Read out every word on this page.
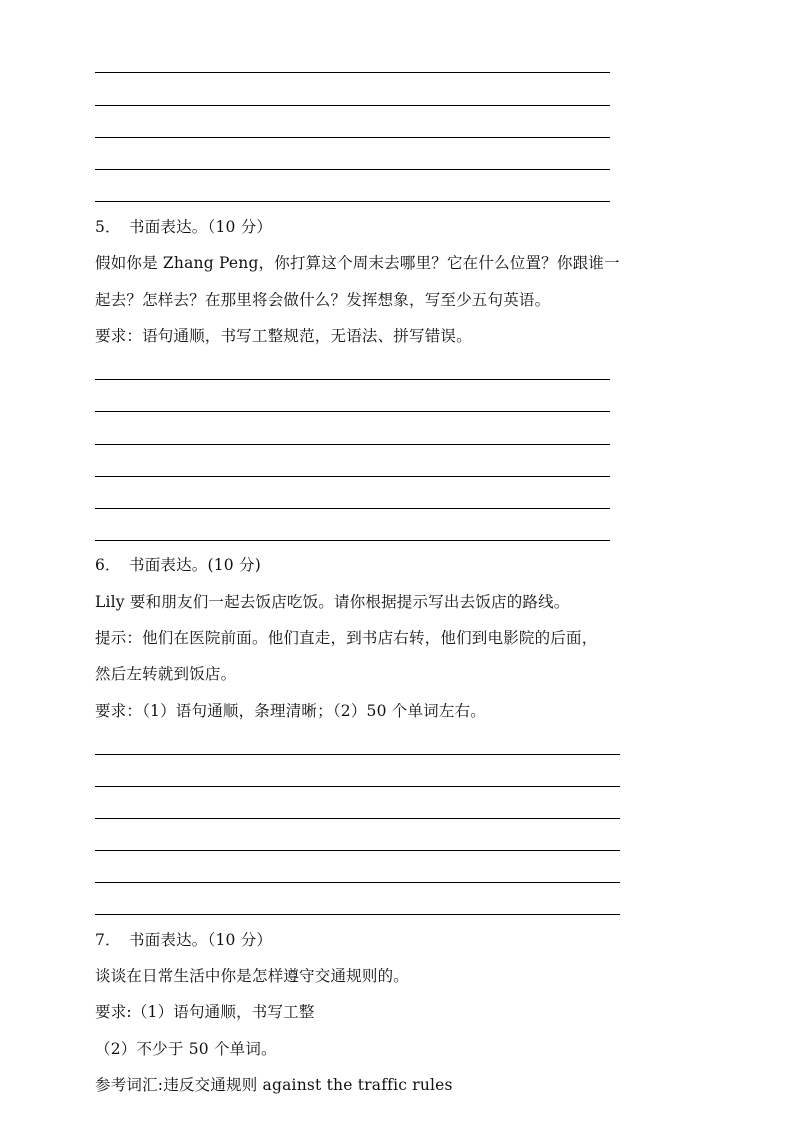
5． 书面表达。（10 分）
假如你是 Zhang Peng，你打算这个周末去哪里？它在什么位置？你跟谁一
起去？怎样去？在那里将会做什么？发挥想象，写至少五句英语。
要求：语句通顺，书写工整规范，无语法、拼写错误。
6． 书面表达。(10 分)
Lily 要和朋友们一起去饭店吃饭。请你根据提示写出去饭店的路线。
提示：他们在医院前面。他们直走，到书店右转，他们到电影院的后面，
然后左转就到饭店。
要求：（1）语句通顺，条理清晰；（2）50 个单词左右。
7． 书面表达。（10 分）
谈谈在日常生活中你是怎样遵守交通规则的。
要求:（1）语句通顺，书写工整
（2）不少于 50 个单词。
参考词汇:违反交通规则 against the traffic rules
